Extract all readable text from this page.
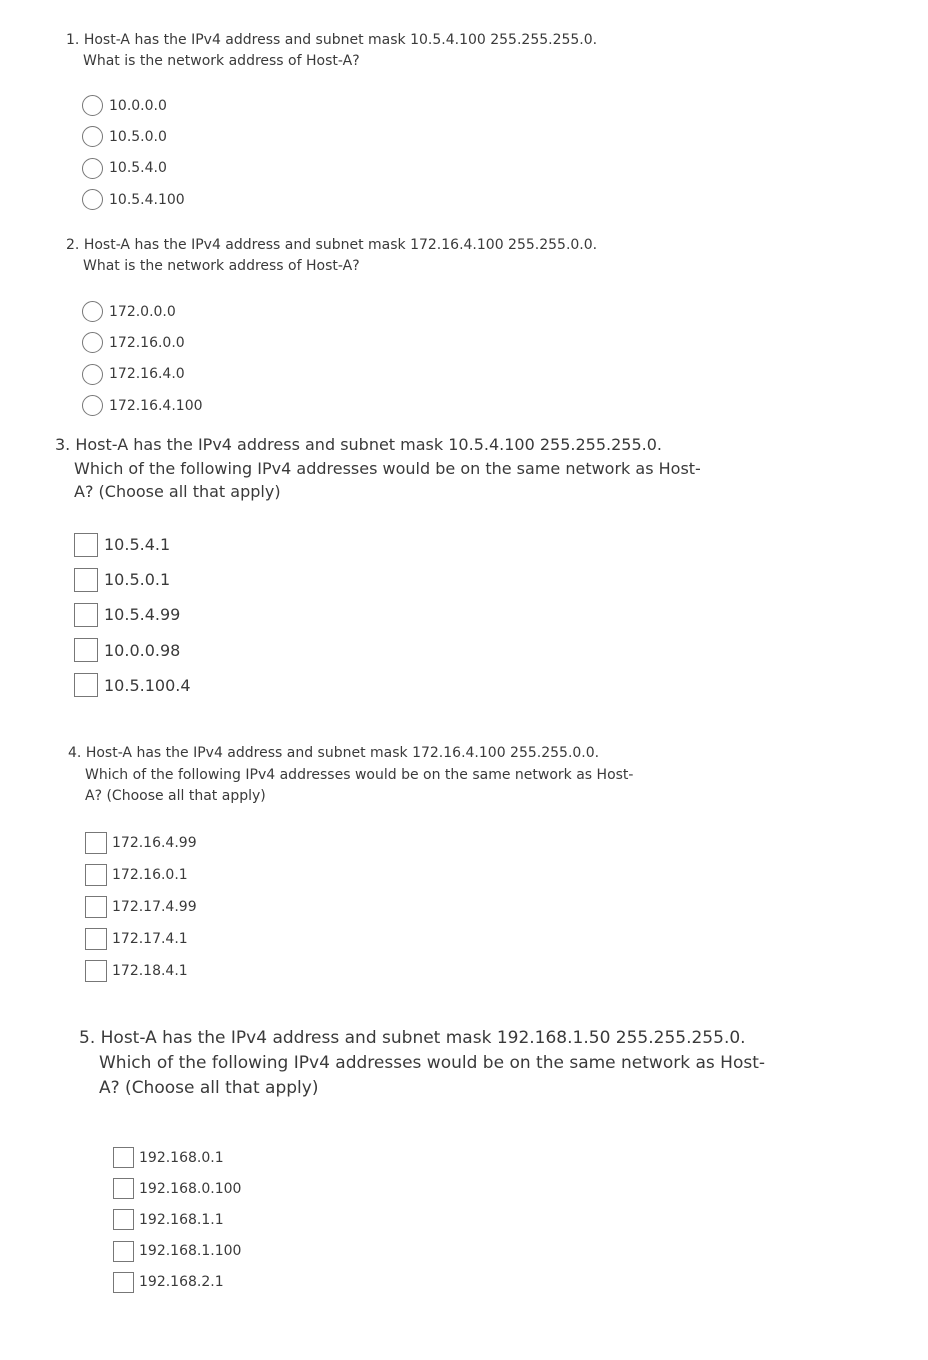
1. Host-A has the IPv4 address and subnet mask 10.5.4.100 255.255.255.0.
What is the network address of Host-A?
10.0.0.0
10.5.0.0
10.5.4.0
10.5.4.100
2. Host-A has the IPv4 address and subnet mask 172.16.4.100 255.255.0.0.
What is the network address of Host-A?
172.0.0.0
172.16.0.0
172.16.4.0
172.16.4.100
3. Host-A has the IPv4 address and subnet mask 10.5.4.100 255.255.255.0.
Which of the following IPv4 addresses would be on the same network as Host-
A? (Choose all that apply)
10.5.4.1
10.5.0.1
10.5.4.99
10.0.0.98
10.5.100.4
4. Host-A has the IPv4 address and subnet mask 172.16.4.100 255.255.0.0.
Which of the following IPv4 addresses would be on the same network as Host-
A? (Choose all that apply)
172.16.4.99
172.16.0.1
172.17.4.99
172.17.4.1
172.18.4.1
5. Host-A has the IPv4 address and subnet mask 192.168.1.50 255.255.255.0.
Which of the following IPv4 addresses would be on the same network as Host-
A? (Choose all that apply)
192.168.0.1
192.168.0.100
192.168.1.1
192.168.1.100
192.168.2.1
